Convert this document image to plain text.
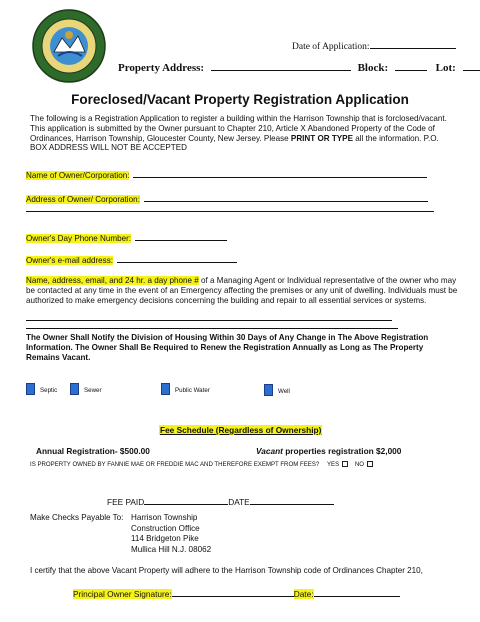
Date of Application:
Property Address:	Block:	Lot:
Foreclosed/Vacant Property Registration Application
The following is a Registration Application to register a building within the Harrison Township that is forclosed/vacant. This application is submitted by the Owner pursuant to Chapter 210, Article X Abandoned Property of the Code of Ordinances, Harrison Township, Gloucester County, New Jersey. Please PRINT OR TYPE all the information. P.O. BOX ADDRESS WILL NOT BE ACCEPTED
Name of Owner/Corporation:
Address of Owner/ Corporation:
Owner's Day Phone Number:
Owner's e-mail address:
Name, address, email, and 24 hr. a day phone # of a Managing Agent or Individual representative of the owner who may be contacted at any time in the event of an Emergency affecting the premises or any unit of dwelling. Individuals must be authorized to make emergency decisions concerning the building and repair to all essential services or systems.
The Owner Shall Notify the Division of Housing Within 30 Days of Any Change in The Above Registration Information. The Owner Shall Be Required to Renew the Registration Annually as Long as The Property Remains Vacant.
Septic	Sewer	Public Water	Well
Fee Schedule (Regardless of Ownership)
Annual Registration- $500.00	Vacant properties registration $2,000
IS PROPERTY OWNED BY FANNIE MAE OR FREDDIE MAC AND THEREFORE EXEMPT FROM FEES? YES	NO
FEE PAID	DATE
Make Checks Payable To: Harrison Township
Construction Office
114 Bridgeton Pike
Mullica Hill N.J. 08062
I certify that the above Vacant Property will adhere to the Harrison Township code of Ordinances Chapter 210,
Principal Owner Signature:	Date:
